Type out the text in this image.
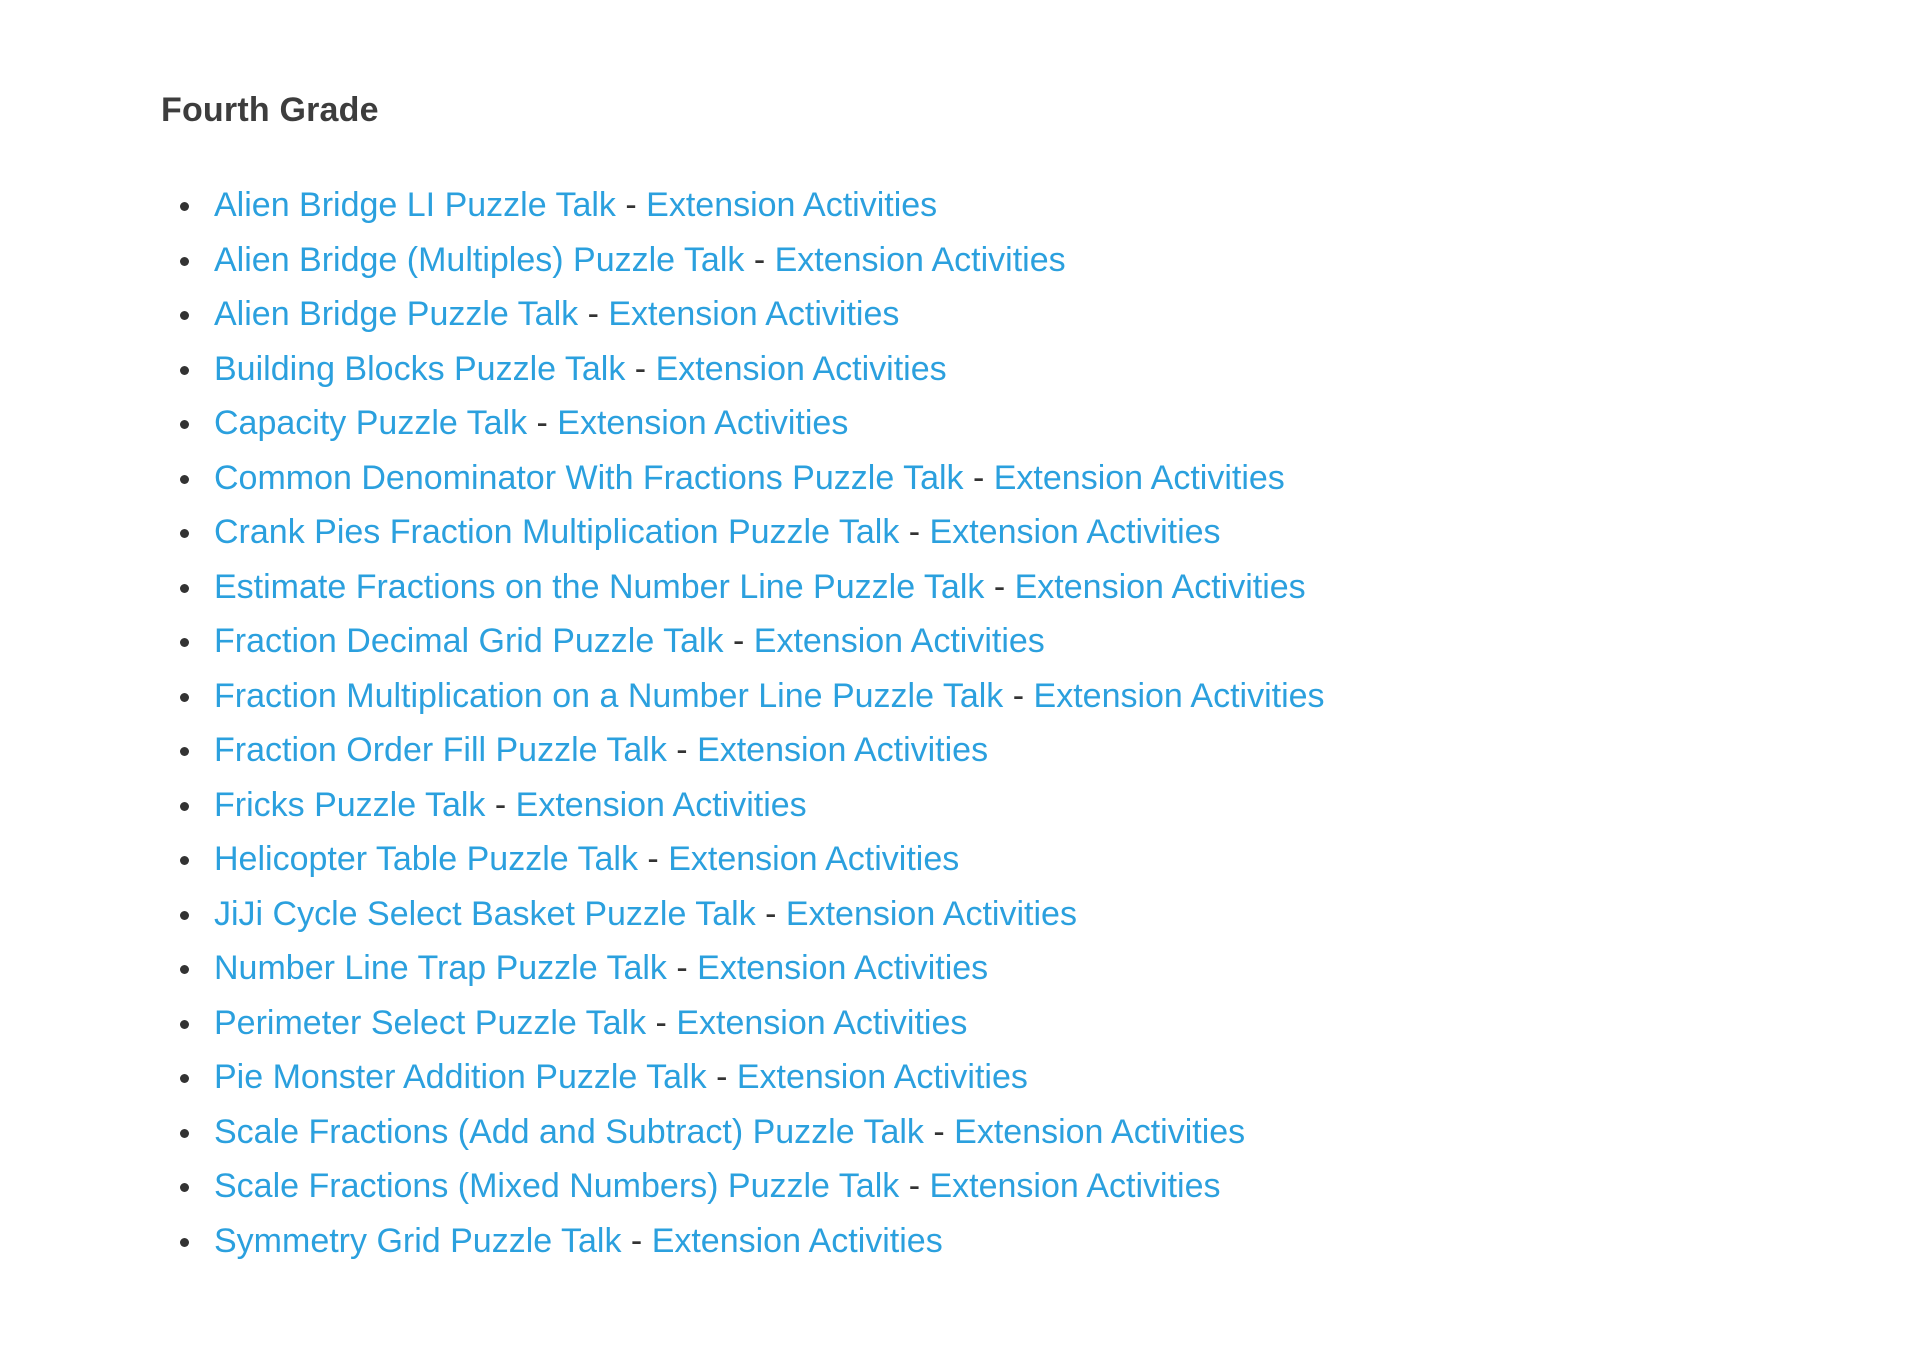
Fourth Grade
Alien Bridge LI Puzzle Talk - Extension Activities
Alien Bridge (Multiples) Puzzle Talk - Extension Activities
Alien Bridge Puzzle Talk - Extension Activities
Building Blocks Puzzle Talk - Extension Activities
Capacity Puzzle Talk - Extension Activities
Common Denominator With Fractions Puzzle Talk - Extension Activities
Crank Pies Fraction Multiplication Puzzle Talk - Extension Activities
Estimate Fractions on the Number Line Puzzle Talk - Extension Activities
Fraction Decimal Grid Puzzle Talk - Extension Activities
Fraction Multiplication on a Number Line Puzzle Talk - Extension Activities
Fraction Order Fill Puzzle Talk - Extension Activities
Fricks Puzzle Talk - Extension Activities
Helicopter Table Puzzle Talk - Extension Activities
JiJi Cycle Select Basket Puzzle Talk - Extension Activities
Number Line Trap Puzzle Talk - Extension Activities
Perimeter Select Puzzle Talk - Extension Activities
Pie Monster Addition Puzzle Talk - Extension Activities
Scale Fractions (Add and Subtract) Puzzle Talk - Extension Activities
Scale Fractions (Mixed Numbers) Puzzle Talk - Extension Activities
Symmetry Grid Puzzle Talk - Extension Activities
